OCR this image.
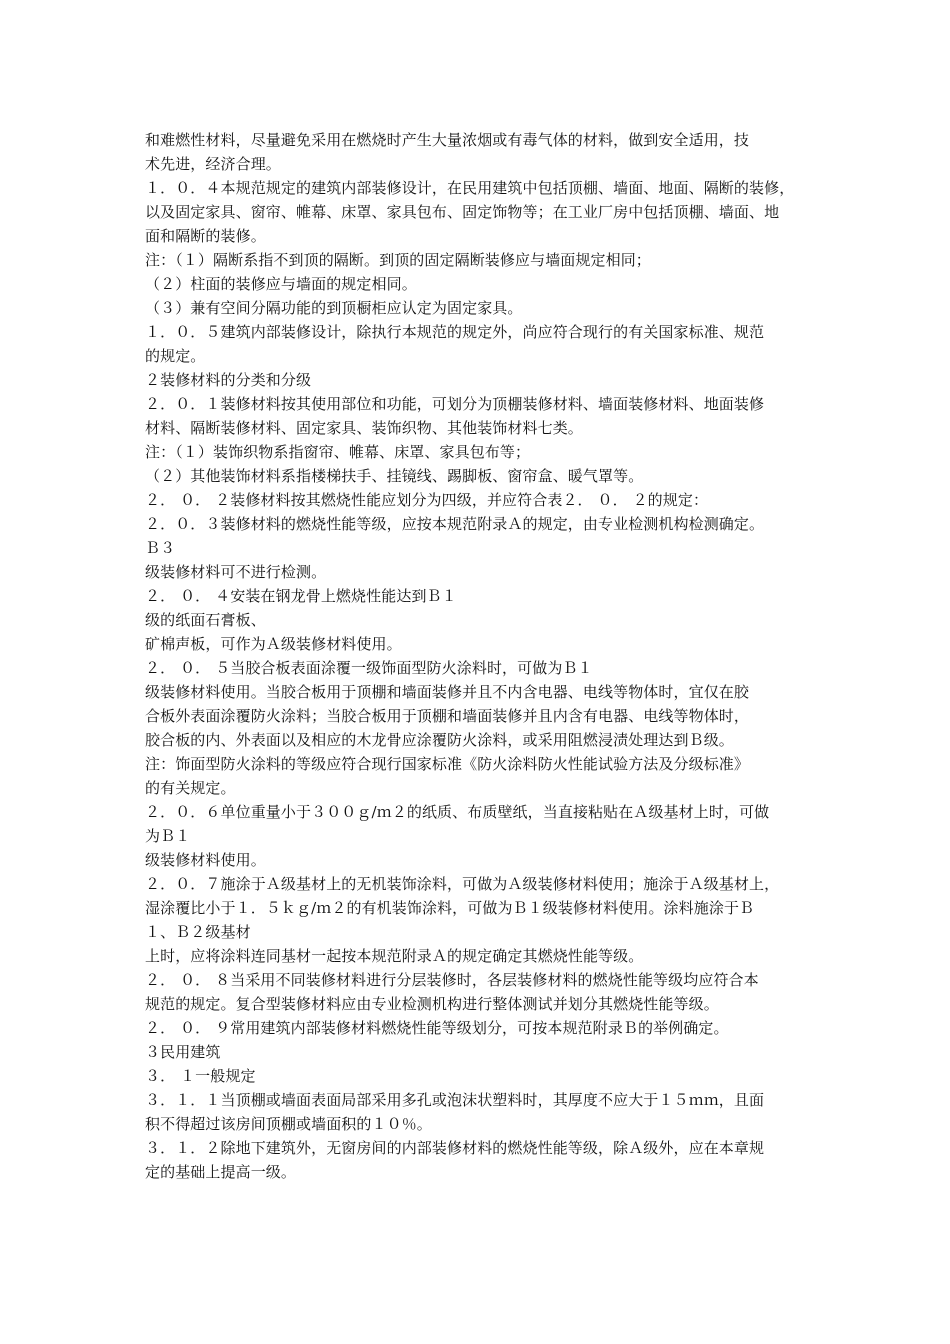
和难燃性材料，尽量避免采用在燃烧时产生大量浓烟或有毒气体的材料，做到安全适用，技
术先进，经济合理。
１．０．４本规范规定的建筑内部装修设计，在民用建筑中包括顶棚、墙面、地面、隔断的装修，
以及固定家具、窗帘、帷幕、床罩、家具包布、固定饰物等；在工业厂房中包括顶棚、墙面、地
面和隔断的装修。
注：（１）隔断系指不到顶的隔断。到顶的固定隔断装修应与墙面规定相同；
（２）柱面的装修应与墙面的规定相同。
（３）兼有空间分隔功能的到顶橱柜应认定为固定家具。
１．０．５建筑内部装修设计，除执行本规范的规定外，尚应符合现行的有关国家标准、规范
的规定。
２装修材料的分类和分级
２．０．１装修材料按其使用部位和功能，可划分为顶棚装修材料、墙面装修材料、地面装修
材料、隔断装修材料、固定家具、装饰织物、其他装饰材料七类。
注：（１）装饰织物系指窗帘、帷幕、床罩、家具包布等；
（２）其他装饰材料系指楼梯扶手、挂镜线、踢脚板、窗帘盒、暖气罩等。
２． ０． ２装修材料按其燃烧性能应划分为四级，并应符合表２． ０． ２的规定：
２．０．３装修材料的燃烧性能等级，应按本规范附录Ａ的规定，由专业检测机构检测确定。
Ｂ３
级装修材料可不进行检测。
２． ０． ４安装在钢龙骨上燃烧性能达到Ｂ１
级的纸面石膏板、
矿棉声板，可作为Ａ级装修材料使用。
２． ０． ５当胶合板表面涂覆一级饰面型防火涂料时，可做为Ｂ１
级装修材料使用。当胶合板用于顶棚和墙面装修并且不内含电器、电线等物体时，宜仅在胶
合板外表面涂覆防火涂料；当胶合板用于顶棚和墙面装修并且内含有电器、电线等物体时，
胶合板的内、外表面以及相应的木龙骨应涂覆防火涂料，或采用阻燃浸渍处理达到Ｂ级。
注：饰面型防火涂料的等级应符合现行国家标准《防火涂料防火性能试验方法及分级标准》
的有关规定。
２．０．６单位重量小于３００ｇ/ｍ２的纸质、布质壁纸，当直接粘贴在Ａ级基材上时，可做
为Ｂ１
级装修材料使用。
２．０．７施涂于Ａ级基材上的无机装饰涂料，可做为Ａ级装修材料使用；施涂于Ａ级基材上，
湿涂覆比小于１．５ｋｇ/ｍ２的有机装饰涂料，可做为Ｂ１级装修材料使用。涂料施涂于Ｂ
１、Ｂ２级基材
上时，应将涂料连同基材一起按本规范附录Ａ的规定确定其燃烧性能等级。
２． ０． ８当采用不同装修材料进行分层装修时，各层装修材料的燃烧性能等级均应符合本
规范的规定。复合型装修材料应由专业检测机构进行整体测试并划分其燃烧性能等级。
２． ０． ９常用建筑内部装修材料燃烧性能等级划分，可按本规范附录Ｂ的举例确定。
３民用建筑
３． １一般规定
３．１．１当顶棚或墙面表面局部采用多孔或泡沫状塑料时，其厚度不应大于１５ｍｍ，且面
积不得超过该房间顶棚或墙面积的１０％。
３．１．２除地下建筑外，无窗房间的内部装修材料的燃烧性能等级，除Ａ级外，应在本章规
定的基础上提高一级。
